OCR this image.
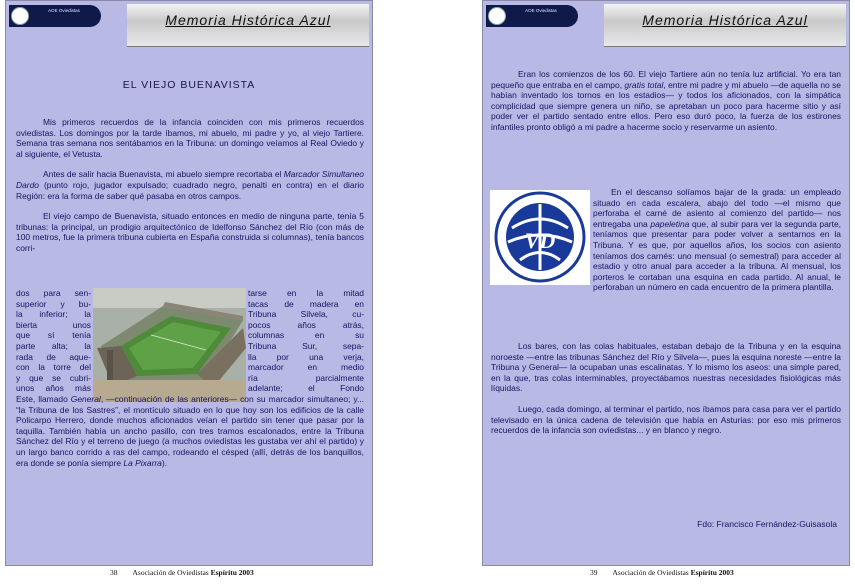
AOE Oviedistas
Memoria Histórica Azul
EL VIEJO BUENAVISTA

Mis primeros recuerdos de la infancia coinciden con mis primeros recuerdos oviedistas. Los domingos por la tarde íbamos, mi abuelo, mi padre y yo, al viejo Tartiere. Semana tras semana nos sentábamos en la Tribuna: un domingo veíamos al Real Oviedo y al siguiente, el Vetusta.

Antes de salir hacia Buenavista, mi abuelo siempre recortaba el Marcador Simultaneo Dardo (punto rojo, jugador expulsado; cuadrado negro, penalti en contra) en el diario Región: era la forma de saber qué pasaba en otros campos.

El viejo campo de Buenavista, situado entonces en medio de ninguna parte, tenía 5 tribunas: la principal, un prodigio arquitectónico de Idelfonso Sánchez del Río (con más de 100 metros, fue la primera tribuna cubierta en España construida si columnas), tenía bancos corri-

dos para sen-

superior y bu-

la inferior; la

bierta unos

que sí tenía

parte alta; la

rada de aque-

con la torre del

y que se cubri-

unos años más

tarse en la mitad

tacas de madera en

Tribuna Silvela, cu-

pocos años atrás,

columnas en su

Tribuna Sur, sepa-

lla por una verja,

marcador en medio

ría parcialmente

adelante; el Fondo

Este, llamado General, —continuación de las anteriores— con su marcador simultaneo; y... “la Tribuna de los Sastres”, el montículo situado en lo que hoy son los edificios de la calle Policarpo Herrero, donde muchos aficionados veían el partido sin tener que pasar por la taquilla. También había un ancho pasillo, con tres tramos escalonados, entre la Tribuna Sánchez del Río y el terreno de juego (a muchos oviedistas les gustaba ver ahí el partido) y un largo banco corrido a ras del campo, rodeando el césped (allí, detrás de los banquillos, era donde se ponía siempre La Pixarra).

38 Asociación de Oviedistas Espíritu 2003
AOE Oviedistas
Memoria Histórica Azul

Eran los comienzos de los 60. El viejo Tartiere aún no tenía luz artificial. Yo era tan pequeño que entraba en el campo, gratis total, entre mi padre y mi abuelo —de aquella no se habían inventado los tornos en los estadios— y todos los aficionados, con la simpática complicidad que siempre genera un niño, se apretaban un poco para hacerme sitio y así poder ver el partido sentado entre ellos. Pero eso duró poco, la fuerza de los estirones infantiles pronto obligó a mi padre a hacerme socio y reservarme un asiento.

VD

En el descanso solíamos bajar de la grada: un empleado situado en cada escalera, abajo del todo —el mismo que perforaba el carné de asiento al comienzo del partido— nos entregaba una papeletina que, al subir para ver la segunda parte, teníamos que presentar para poder volver a sentarnos en la Tribuna. Y es que, por aquellos años, los socios con asiento teníamos dos carnés: uno mensual (o semestral) para acceder al estadio y otro anual para acceder a la tribuna. Al mensual, los porteros le cortaban una esquina en cada partido. Al anual, le perforaban un número en cada encuentro de la primera plantilla.

Los bares, con las colas habituales, estaban debajo de la Tribuna y en la esquina noroeste —entre las tribunas Sánchez del Río y Silvela—, pues la esquina noreste —entre la Tribuna y General— la ocupaban unas escalinatas. Y lo mismo los aseos: una simple pared, en la que, tras colas interminables, proyectábamos nuestras necesidades fisiológicas más líquidas.

Luego, cada domingo, al terminar el partido, nos íbamos para casa para ver el partido televisado en la única cadena de televisión que había en Asturias: por eso mis primeros recuerdos de la infancia son oviedistas... y en blanco y negro.

Fdo: Francisco Fernández-Guisasola
39 Asociación de Oviedistas Espíritu 2003
